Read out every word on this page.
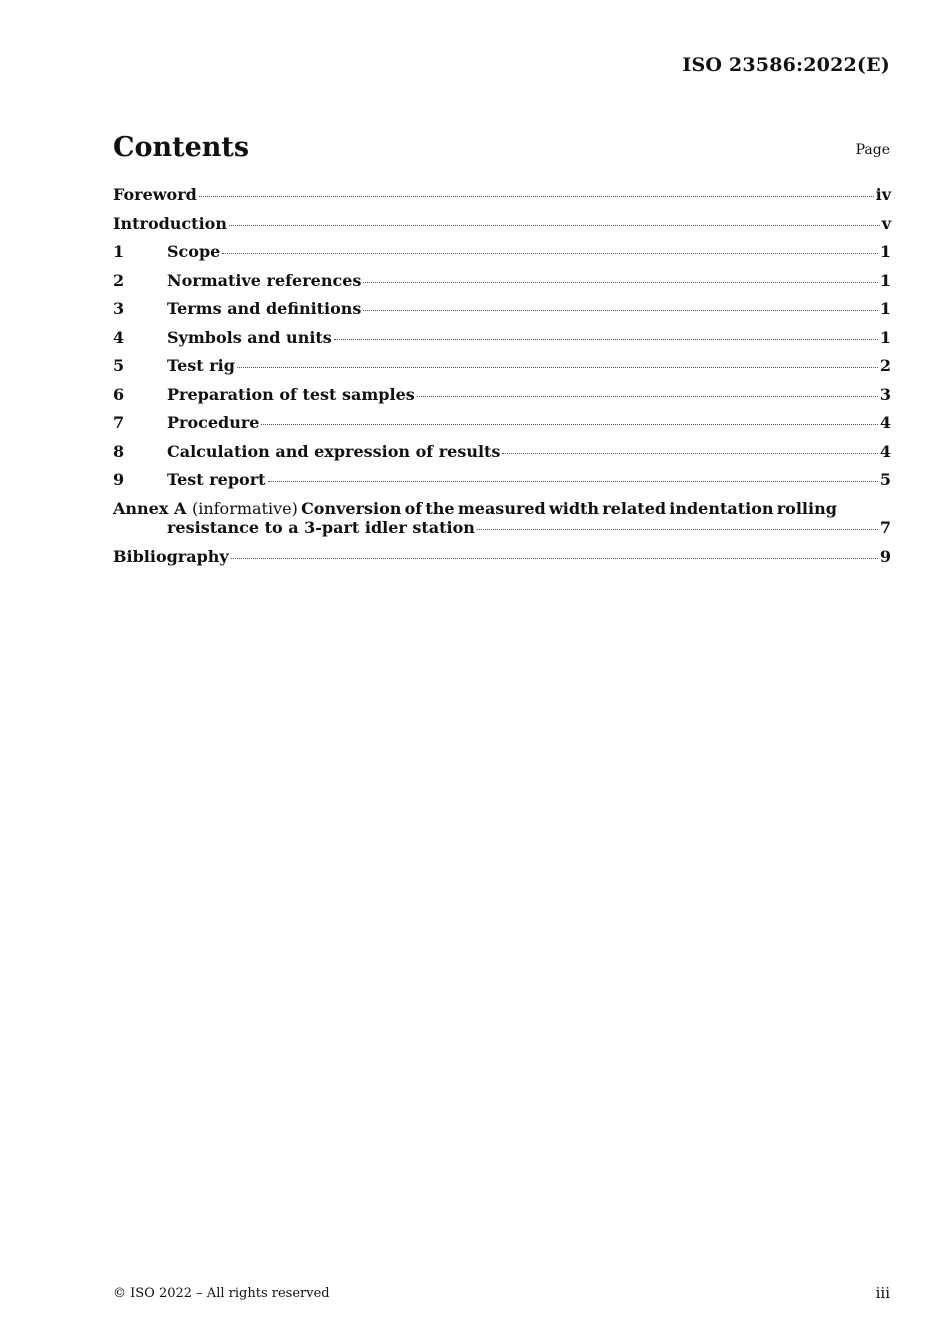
ISO 23586:2022(E)
Contents	Page
Foreword	iv
Introduction	v
1	Scope	1
2	Normative references	1
3	Terms and definitions	1
4	Symbols and units	1
5	Test rig	2
6	Preparation of test samples	3
7	Procedure	4
8	Calculation and expression of results	4
9	Test report	5
Annex A (informative) Conversion of the measured width related indentation rolling
resistance to a 3-part idler station	7
Bibliography	9
© ISO 2022 – All rights reserved	iii
